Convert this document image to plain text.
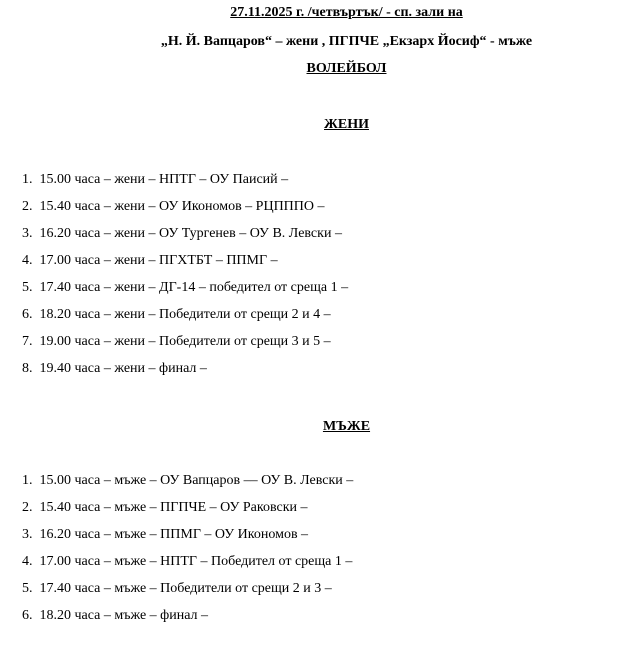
27.11.2025 г. /четвъртък/ - сп. зали на
„Н. Й. Вапцаров“ – жени , ПГПЧЕ „Екзарх Йосиф“ - мъже
ВОЛЕЙБОЛ
ЖЕНИ
1. 15.00 часа – жени – НПТГ – ОУ Паисий –
2. 15.40 часа – жени – ОУ Икономов – РЦПППО –
3. 16.20 часа – жени – ОУ Тургенев – ОУ В. Левски –
4. 17.00 часа – жени – ПГХТБТ – ППМГ –
5. 17.40 часа – жени – ДГ-14 – победител от среща 1 –
6. 18.20 часа – жени – Победители от срещи 2 и 4 –
7. 19.00 часа – жени – Победители от срещи 3 и 5 –
8. 19.40 часа – жени – финал –
МЪЖЕ
1. 15.00 часа – мъже – ОУ Вапцаров –– ОУ В. Левски –
2. 15.40 часа – мъже – ПГПЧЕ – ОУ Раковски –
3. 16.20 часа – мъже – ППМГ – ОУ Икономов –
4. 17.00 часа – мъже – НПТГ – Победител от среща 1 –
5. 17.40 часа – мъже – Победители от срещи 2 и 3 –
6. 18.20 часа – мъже – финал –
